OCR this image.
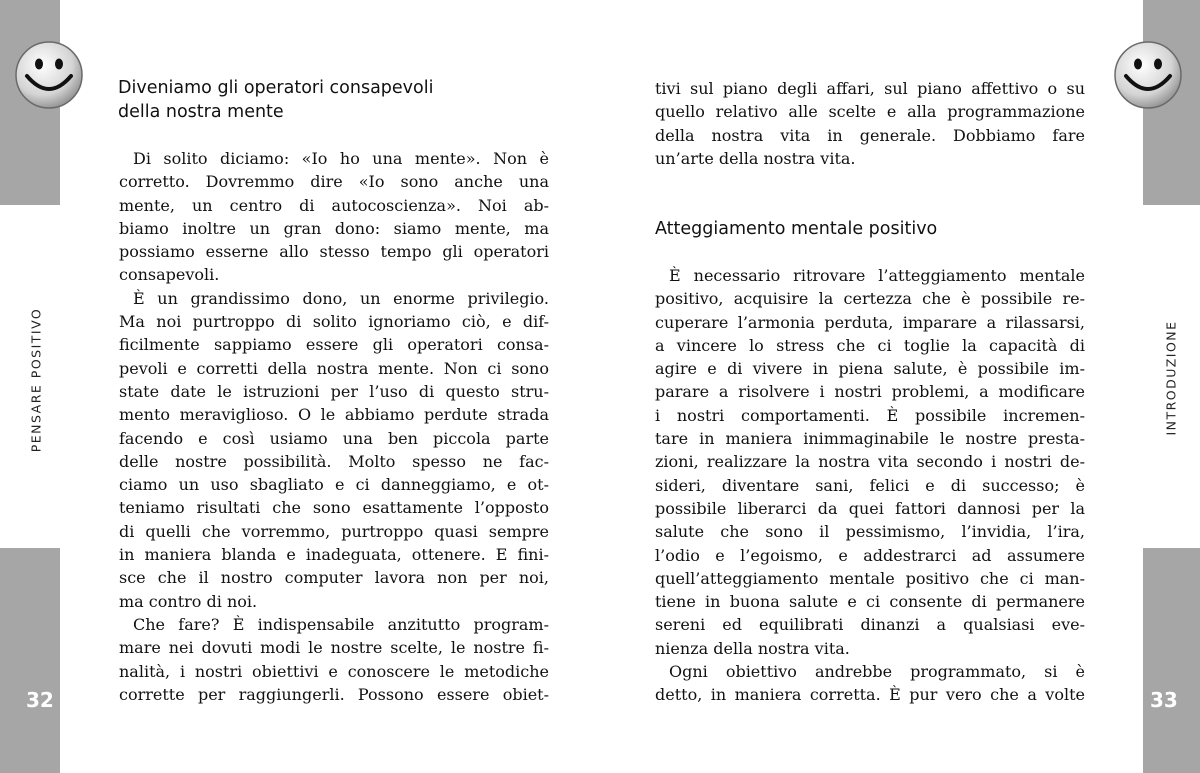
PENSARE POSITIVO	INTRODUZIONE
32	33
Diveniamo gli operatori consapevoli
della nostra mente
Di solito diciamo: «Io ho una mente». Non è
corretto. Dovremmo dire «Io sono anche una
mente, un centro di autocoscienza». Noi ab-
biamo inoltre un gran dono: siamo mente, ma
possiamo esserne allo stesso tempo gli operatori
consapevoli.
È un grandissimo dono, un enorme privilegio.
Ma noi purtroppo di solito ignoriamo ciò, e dif-
ficilmente sappiamo essere gli operatori consa-
pevoli e corretti della nostra mente. Non ci sono
state date le istruzioni per l’uso di questo stru-
mento meraviglioso. O le abbiamo perdute strada
facendo e così usiamo una ben piccola parte
delle nostre possibilità. Molto spesso ne fac-
ciamo un uso sbagliato e ci danneggiamo, e ot-
teniamo risultati che sono esattamente l’opposto
di quelli che vorremmo, purtroppo quasi sempre
in maniera blanda e inadeguata, ottenere. E fini-
sce che il nostro computer lavora non per noi,
ma contro di noi.
Che fare? È indispensabile anzitutto program-
mare nei dovuti modi le nostre scelte, le nostre fi-
nalità, i nostri obiettivi e conoscere le metodiche
corrette per raggiungerli. Possono essere obiet-
tivi sul piano degli affari, sul piano affettivo o su
quello relativo alle scelte e alla programmazione
della nostra vita in generale. Dobbiamo fare
un’arte della nostra vita.
Atteggiamento mentale positivo
È necessario ritrovare l’atteggiamento mentale
positivo, acquisire la certezza che è possibile re-
cuperare l’armonia perduta, imparare a rilassarsi,
a vincere lo stress che ci toglie la capacità di
agire e di vivere in piena salute, è possibile im-
parare a risolvere i nostri problemi, a modificare
i nostri comportamenti. È possibile incremen-
tare in maniera inimmaginabile le nostre presta-
zioni, realizzare la nostra vita secondo i nostri de-
sideri, diventare sani, felici e di successo; è
possibile liberarci da quei fattori dannosi per la
salute che sono il pessimismo, l’invidia, l’ira,
l’odio e l’egoismo, e addestrarci ad assumere
quell’atteggiamento mentale positivo che ci man-
tiene in buona salute e ci consente di permanere
sereni ed equilibrati dinanzi a qualsiasi eve-
nienza della nostra vita.
Ogni obiettivo andrebbe programmato, si è
detto, in maniera corretta. È pur vero che a volte
